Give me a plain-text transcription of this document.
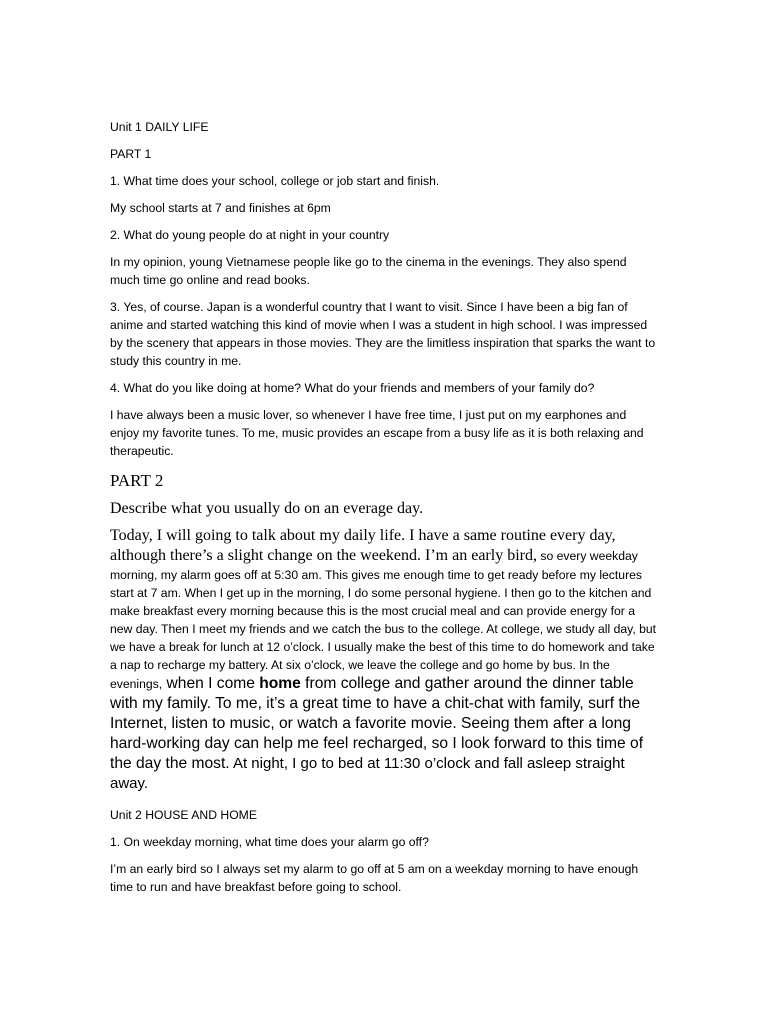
Unit 1 DAILY LIFE

PART 1

1. What time does your school, college or job start and finish.

My school starts at 7 and finishes at 6pm

2. What do young people do at night in your country

In my opinion, young Vietnamese people like go to the cinema in the evenings. They also spend much time go online and read books.

3. Yes, of course. Japan is a wonderful country that I want to visit. Since I have been a big fan of anime and started watching this kind of movie when I was a student in high school. I was impressed by the scenery that appears in those movies. They are the limitless inspiration that sparks the want to study this country in me.

4. What do you like doing at home? What do your friends and members of your family do?

I have always been a music lover, so whenever I have free time, I just put on my earphones and enjoy my favorite tunes. To me, music provides an escape from a busy life as it is both relaxing and therapeutic.

PART 2

Describe what you usually do on an everage day.

Today, I will going to talk about my daily life. I have a same routine every day, although there’s a slight change on the weekend. I’m an early bird, so every weekday morning, my alarm goes off at 5:30 am. This gives me enough time to get ready before my lectures start at 7 am. When I get up in the morning, I do some personal hygiene. I then go to the kitchen and make breakfast every morning because this is the most crucial meal and can provide energy for a new day. Then I meet my friends and we catch the bus to the college. At college, we study all day, but we have a break for lunch at 12 o’clock. I usually make the best of this time to do homework and take a nap to recharge my battery. At six o’clock, we leave the college and go home by bus. In the evenings, when I come home from college and gather around the dinner table with my family. To me, it’s a great time to have a chit-chat with family, surf the Internet, listen to music, or watch a favorite movie. Seeing them after a long hard-working day can help me feel recharged, so I look forward to this time of the day the most. At night, I go to bed at 11:30 o’clock and fall asleep straight away.

Unit 2 HOUSE AND HOME

1. On weekday morning, what time does your alarm go off?

I’m an early bird so I always set my alarm to go off at 5 am on a weekday morning to have enough time to run and have breakfast before going to school.
